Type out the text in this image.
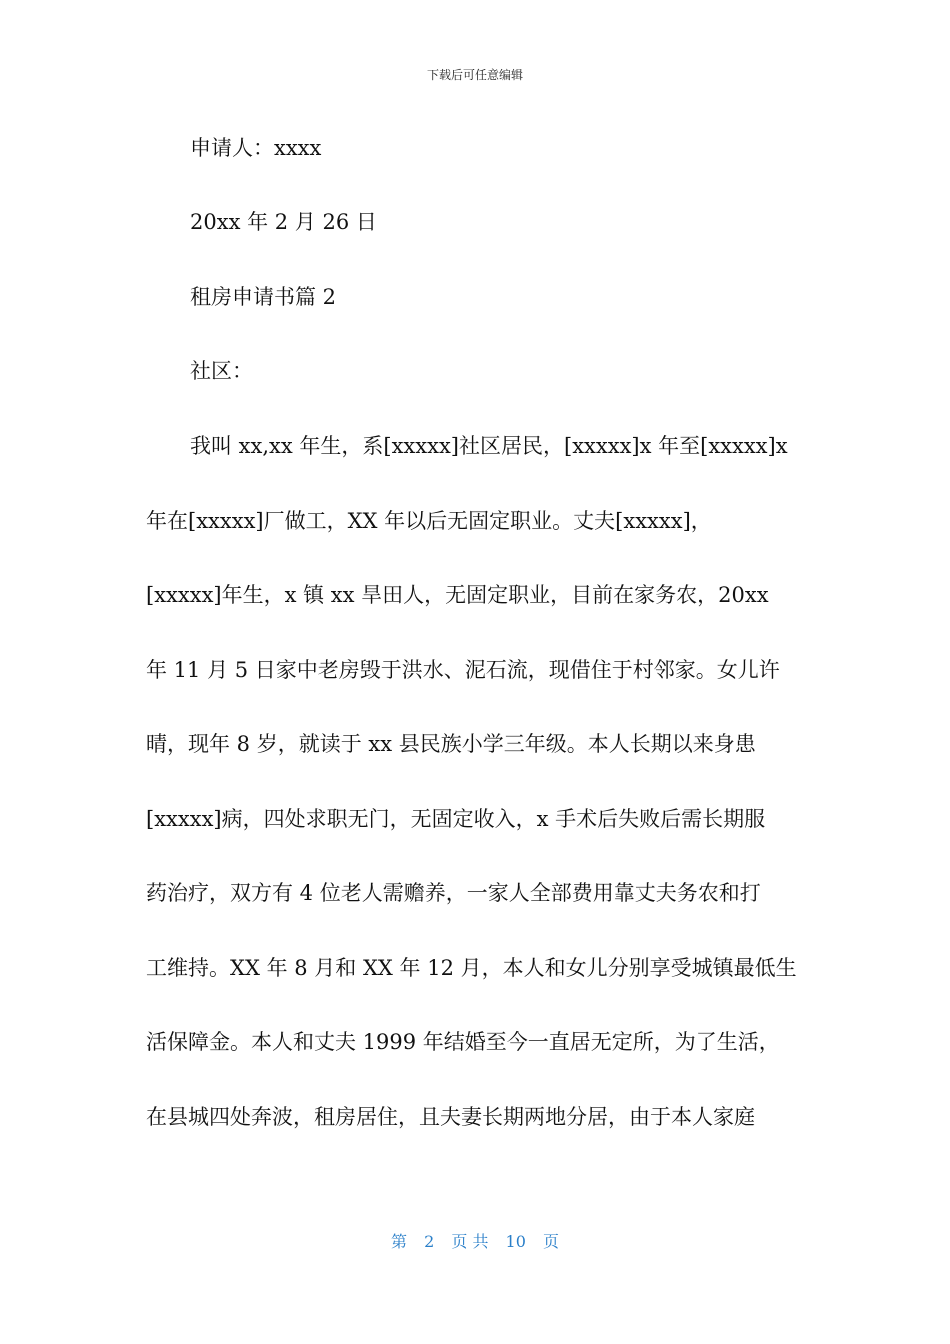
下载后可任意编辑
申请人：xxxx
20xx 年 2 月 26 日
租房申请书篇 2
社区：
我叫 xx,xx 年生，系[xxxxx]社区居民，[xxxxx]x 年至[xxxxx]x
年在[xxxxx]厂做工，XX 年以后无固定职业。丈夫[xxxxx]，
[xxxxx]年生，x 镇 xx 旱田人，无固定职业，目前在家务农，20xx
年 11 月 5 日家中老房毁于洪水、泥石流，现借住于村邻家。女儿许
晴，现年 8 岁，就读于 xx 县民族小学三年级。本人长期以来身患
[xxxxx]病，四处求职无门，无固定收入，x 手术后失败后需长期服
药治疗，双方有 4 位老人需赡养，一家人全部费用靠丈夫务农和打
工维持。XX 年 8 月和 XX 年 12 月，本人和女儿分别享受城镇最低生
活保障金。本人和丈夫 1999 年结婚至今一直居无定所，为了生活，
在县城四处奔波，租房居住，且夫妻长期两地分居，由于本人家庭
第 2 页 共 10 页
